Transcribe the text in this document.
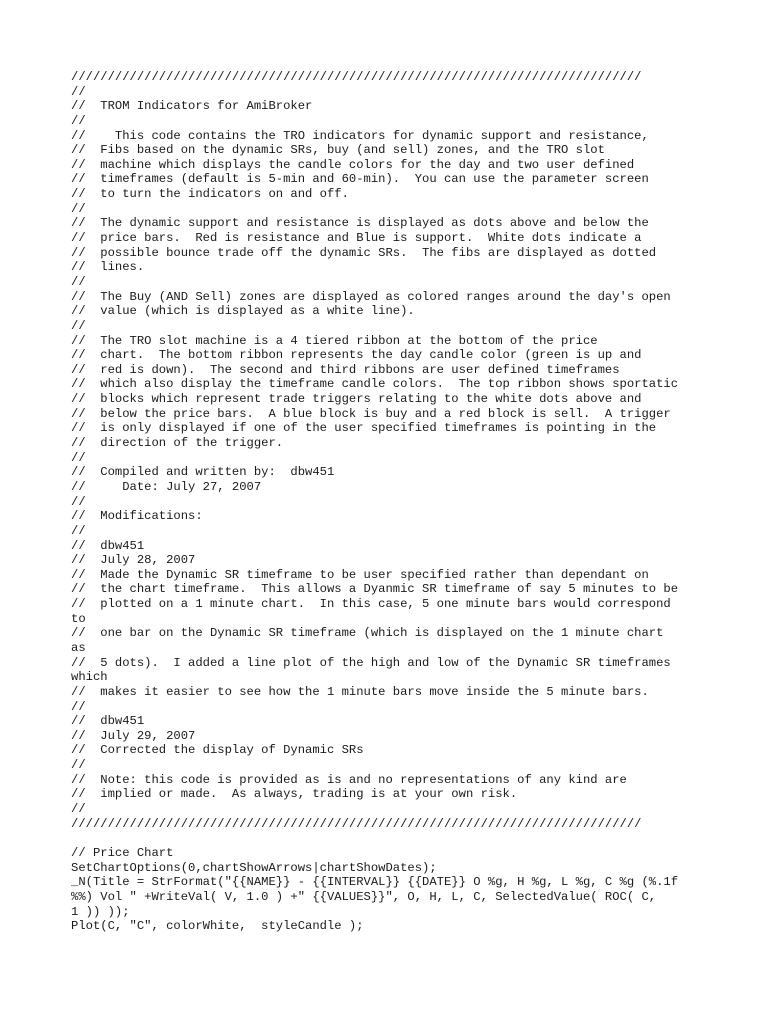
//////////////////////////////////////////////////////////////////////////////
//
//  TROM Indicators for AmiBroker
//
//    This code contains the TRO indicators for dynamic support and resistance,
//  Fibs based on the dynamic SRs, buy (and sell) zones, and the TRO slot
//  machine which displays the candle colors for the day and two user defined
//  timeframes (default is 5-min and 60-min).  You can use the parameter screen
//  to turn the indicators on and off.
//
//  The dynamic support and resistance is displayed as dots above and below the
//  price bars.  Red is resistance and Blue is support.  White dots indicate a
//  possible bounce trade off the dynamic SRs.  The fibs are displayed as dotted
//  lines.
//
//  The Buy (AND Sell) zones are displayed as colored ranges around the day's open
//  value (which is displayed as a white line).
//
//  The TRO slot machine is a 4 tiered ribbon at the bottom of the price
//  chart.  The bottom ribbon represents the day candle color (green is up and
//  red is down).  The second and third ribbons are user defined timeframes
//  which also display the timeframe candle colors.  The top ribbon shows sportatic
//  blocks which represent trade triggers relating to the white dots above and
//  below the price bars.  A blue block is buy and a red block is sell.  A trigger
//  is only displayed if one of the user specified timeframes is pointing in the
//  direction of the trigger.
//
//  Compiled and written by:  dbw451
//     Date: July 27, 2007
//
//  Modifications:
//
//  dbw451
//  July 28, 2007
//  Made the Dynamic SR timeframe to be user specified rather than dependant on
//  the chart timeframe.  This allows a Dyanmic SR timeframe of say 5 minutes to be
//  plotted on a 1 minute chart.  In this case, 5 one minute bars would correspond
to
//  one bar on the Dynamic SR timeframe (which is displayed on the 1 minute chart
as
//  5 dots).  I added a line plot of the high and low of the Dynamic SR timeframes
which
//  makes it easier to see how the 1 minute bars move inside the 5 minute bars.
//
//  dbw451
//  July 29, 2007
//  Corrected the display of Dynamic SRs
//
//  Note: this code is provided as is and no representations of any kind are
//  implied or made.  As always, trading is at your own risk.
//
//////////////////////////////////////////////////////////////////////////////
// Price Chart
SetChartOptions(0,chartShowArrows|chartShowDates);
_N(Title = StrFormat("{{NAME}} - {{INTERVAL}} {{DATE}} O %g, H %g, L %g, C %g (%.1f
%%) Vol " +WriteVal( V, 1.0 ) +" {{VALUES}}", O, H, L, C, SelectedValue( ROC( C,
1 )) ));
Plot(C, "C", colorWhite,  styleCandle );
